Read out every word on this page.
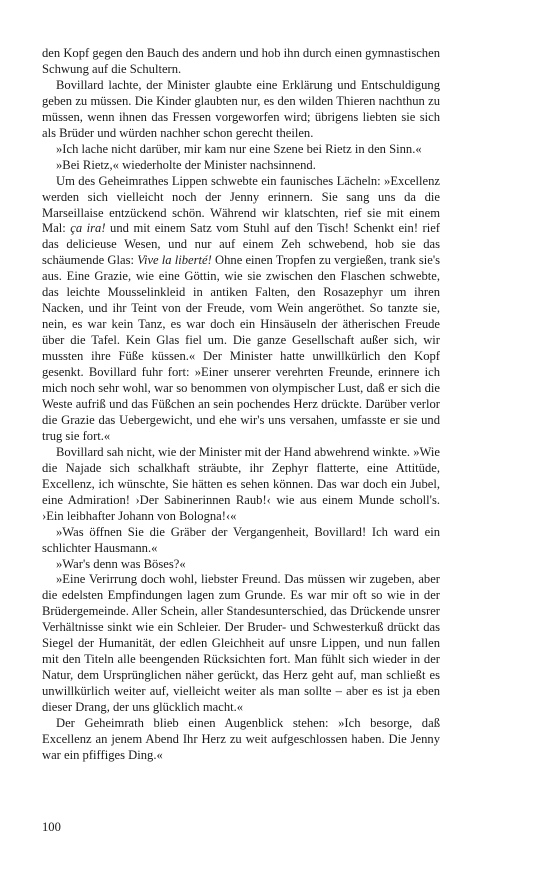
den Kopf gegen den Bauch des andern und hob ihn durch einen gymnastischen Schwung auf die Schultern.

Bovillard lachte, der Minister glaubte eine Erklärung und Entschuldigung geben zu müssen. Die Kinder glaubten nur, es den wilden Thieren nachthun zu müssen, wenn ihnen das Fressen vorgeworfen wird; übrigens liebten sie sich als Brüder und würden nachher schon gerecht theilen.

»Ich lache nicht darüber, mir kam nur eine Szene bei Rietz in den Sinn.«

»Bei Rietz,« wiederholte der Minister nachsinnend.

Um des Geheimrathes Lippen schwebte ein faunisches Lächeln: »Excellenz werden sich vielleicht noch der Jenny erinnern. Sie sang uns da die Marseillaise entzückend schön. Während wir klatschten, rief sie mit einem Mal: ça ira! und mit einem Satz vom Stuhl auf den Tisch! Schenkt ein! rief das delicieuse Wesen, und nur auf einem Zeh schwebend, hob sie das schäumende Glas: Vive la liberté! Ohne einen Tropfen zu vergießen, trank sie's aus. Eine Grazie, wie eine Göttin, wie sie zwischen den Flaschen schwebte, das leichte Mousselinkleid in antiken Falten, den Rosazephyr um ihren Nacken, und ihr Teint von der Freude, vom Wein angeröthet. So tanzte sie, nein, es war kein Tanz, es war doch ein Hinsäuseln der ätherischen Freude über die Tafel. Kein Glas fiel um. Die ganze Gesellschaft außer sich, wir mussten ihre Füße küssen.« Der Minister hatte unwillkürlich den Kopf gesenkt. Bovillard fuhr fort: »Einer unserer verehrten Freunde, erinnere ich mich noch sehr wohl, war so benommen von olympischer Lust, daß er sich die Weste aufriß und das Füßchen an sein pochendes Herz drückte. Darüber verlor die Grazie das Uebergewicht, und ehe wir's uns versahen, umfasste er sie und trug sie fort.«

Bovillard sah nicht, wie der Minister mit der Hand abwehrend winkte. »Wie die Najade sich schalkhaft sträubte, ihr Zephyr flatterte, eine Attitüde, Excellenz, ich wünschte, Sie hätten es sehen können. Das war doch ein Jubel, eine Admiration! ›Der Sabinerinnen Raub!‹ wie aus einem Munde scholl's. ›Ein leibhafter Johann von Bologna!‹«

»Was öffnen Sie die Gräber der Vergangenheit, Bovillard! Ich ward ein schlichter Hausmann.«

»War's denn was Böses?«

»Eine Verirrung doch wohl, liebster Freund. Das müssen wir zugeben, aber die edelsten Empfindungen lagen zum Grunde. Es war mir oft so wie in der Brüdergemeinde. Aller Schein, aller Standesunterschied, das Drückende unsrer Verhältnisse sinkt wie ein Schleier. Der Bruder- und Schwesterkuß drückt das Siegel der Humanität, der edlen Gleichheit auf unsre Lippen, und nun fallen mit den Titeln alle beengenden Rücksichten fort. Man fühlt sich wieder in der Natur, dem Ursprünglichen näher gerückt, das Herz geht auf, man schließt es unwillkürlich weiter auf, vielleicht weiter als man sollte – aber es ist ja eben dieser Drang, der uns glücklich macht.«

Der Geheimrath blieb einen Augenblick stehen: »Ich besorge, daß Excellenz an jenem Abend Ihr Herz zu weit aufgeschlossen haben. Die Jenny war ein pfiffiges Ding.«

100
